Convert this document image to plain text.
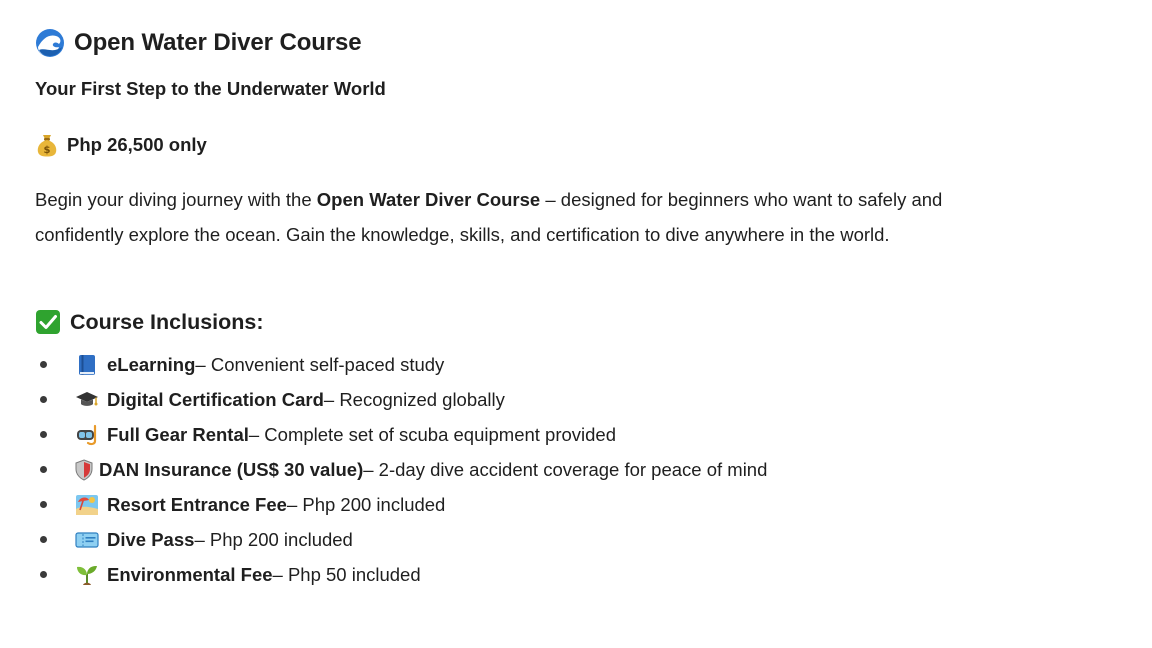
Open Water Diver Course
Your First Step to the Underwater World
$ Php 26,500 only

Begin your diving journey with the Open Water Diver Course – designed for beginners who want to safely and confidently explore the ocean. Gain the knowledge, skills, and certification to dive anywhere in the world.

Course Inclusions:
eLearning – Convenient self-paced study
Digital Certification Card – Recognized globally
Full Gear Rental – Complete set of scuba equipment provided
DAN Insurance (US$ 30 value) – 2-day dive accident coverage for peace of mind
Resort Entrance Fee – Php 200 included
Dive Pass – Php 200 included
Environmental Fee – Php 50 included
